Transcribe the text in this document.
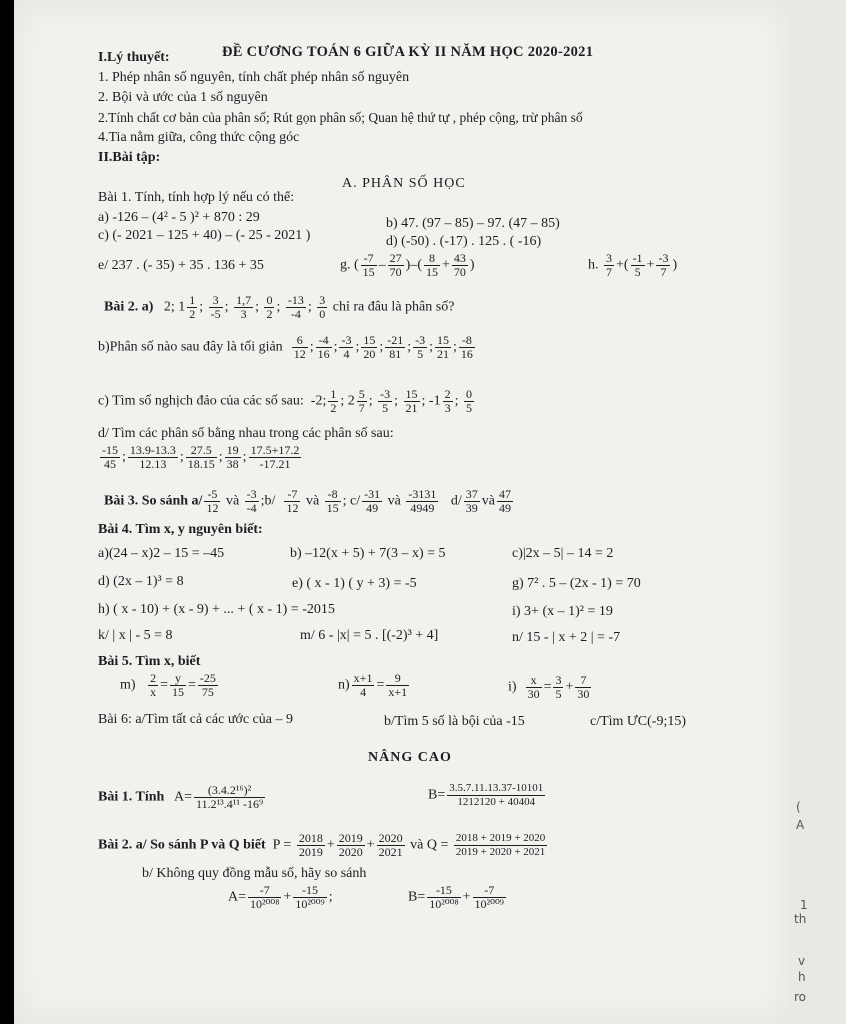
(
A
1
th
v
h
ro
ĐỀ CƯƠNG TOÁN 6 GIỮA KỲ II NĂM HỌC 2020-2021
I.Lý thuyết:
1. Phép nhân số nguyên, tính chất phép nhân số nguyên
2. Bội và ước của 1 số nguyên
2.Tính chất cơ bản của phân số; Rút gọn phân số; Quan hệ thứ tự , phép cộng, trừ phân số
4.Tia nằm giữa, công thức cộng góc
II.Bài tập:
A. PHÂN SỐ HỌC
Bài 1. Tính, tính hợp lý nếu có thể:
a) -126 – (4² - 5 )² + 870 : 29	b) 47. (97 – 85) – 97. (47 – 85)
c) (- 2021 – 125 + 40) – (- 25 - 2021 )	d) (-50) . (-17) . 125 . ( -16)
e/ 237 . (- 35) + 35 . 136 + 35	g. ( $\frac{-7}{15} - \frac{27}{70}$ )–( $\frac{8}{15} + \frac{43}{70}$ )	h. $\frac{3}{7}$ +( $\frac{-1}{5} + \frac{-3}{7}$ )
Bài 2. a) 2; $1 \frac{1}{2}$ ; $\frac{3}{-5}$ ; $\frac{1,7}{3}$ ; $\frac{0}{2}$ ; $\frac{-13}{-4}$ ; $\frac{3}{0}$ chỉ ra đâu là phân số?
b)Phân số nào sau đây là tối giản $\frac{6}{12}$ ; $\frac{-4}{16}$ ; $\frac{-3}{4}$ ; $\frac{15}{20}$ ; $\frac{-21}{81}$ ; $\frac{-3}{5}$ ; $\frac{15}{21}$ ; $\frac{-8}{16}$
c) Tìm số nghịch đảo của các số sau: -2; $\frac{1}{2}$ ; $2 \frac{5}{7}$ ; $\frac{-3}{5}$ ; $\frac{15}{21}$ ; $-1 \frac{2}{3}$ ; $\frac{0}{5}$
d/ Tìm các phân số bằng nhau trong các phân số sau:
$\frac{-15}{45}$ ; $\frac{13.9-13.3}{12.13}$ ; $\frac{27.5}{18.15}$ ; $\frac{19}{38}$ ; $\frac{17.5+17.2}{-17.21}$
Bài 3. So sánh $a/ \frac{-5}{12}$ và $\frac{-3}{-4}$ ;b/ $\frac{-7}{12}$ và $\frac{-8}{15}$ ; $c/ \frac{-31}{49}$ và $\frac{-3131}{4949} d/ \frac{37}{39}$ và $\frac{47}{49}$
Bài 4. Tìm x, y nguyên biết:
a)(24 – x)2 – 15 = –45	b) –12(x + 5) + 7(3 – x) = 5	c)|2x – 5| – 14 = 2
d) (2x – 1)³ = 8	e) ( x - 1) ( y + 3) = -5	g) 7² . 5 – (2x - 1) = 70
h) ( x - 10) + (x - 9) + ... + ( x - 1) = -2015	i) 3+ (x – 1)² = 19
k/ | x | - 5 = 8	m/ 6 - |x| = 5 . [(-2)³ + 4]	n/ 15 - | x + 2 | = -7
Bài 5. Tìm x, biết
$m) \frac{2}{x} = \frac{y}{15} = \frac{-25}{75}$	$n) \frac{x+1}{4} = \frac{9}{x+1}$	$i) \frac{x}{30} = \frac{3}{5} + \frac{7}{30}$
Bài 6: a/Tìm tất cả các ước của – 9	b/Tìm 5 số là bội của -15	c/Tìm ƯC(-9;15)
NÂNG CAO
Bài 1. Tính $A= \frac{\text{(3.4.2¹⁶)²}}{\text{11.2¹³.4¹¹ -16⁹}}$	$B= \frac{3.5.7.11.13.37-10101}{1212120 + 40404}$
Bài 2. a/ So sánh P và Q biết $P = \frac{2018}{2019} + \frac{2019}{2020} + \frac{2020}{2021}$ và $Q = \frac{2018 + 2019 + 2020}{2019 + 2020 + 2021}$
b/ Không quy đồng mẫu số, hãy so sánh
$A= \frac{-7}{\text{10²⁰⁰⁸}} + \frac{-15}{\text{10²⁰⁰⁹}}$ ;	$B= \frac{-15}{\text{10²⁰⁰⁸}} + \frac{-7}{\text{10²⁰⁰⁹}}$
